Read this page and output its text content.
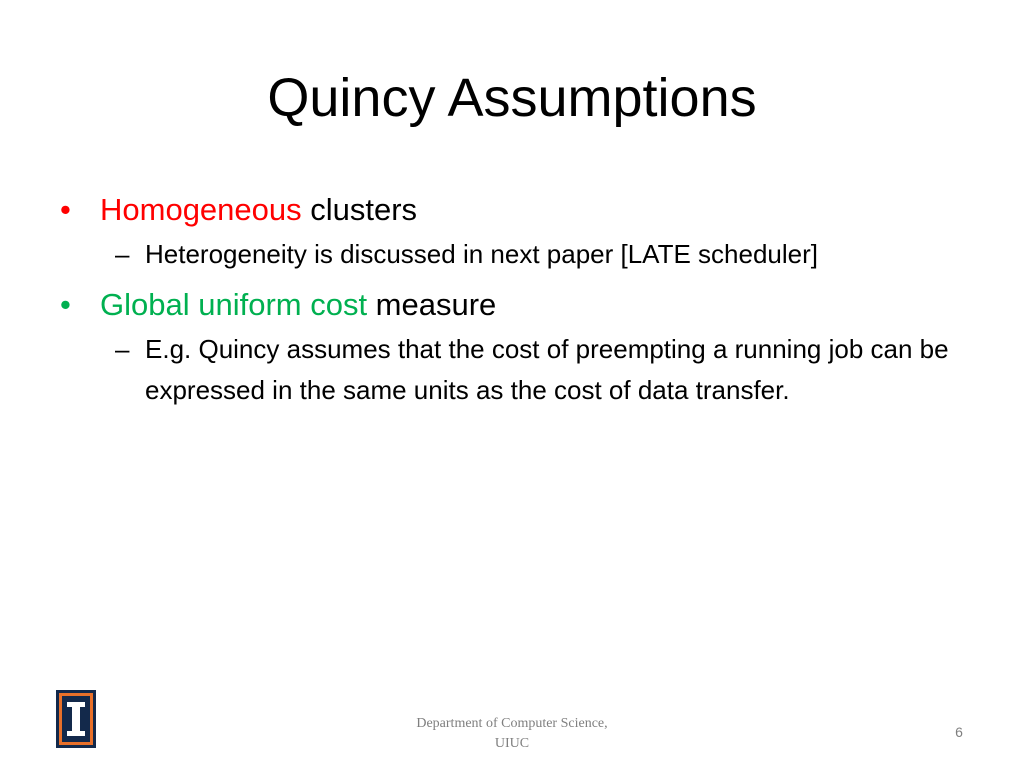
Quincy Assumptions
• Homogeneous clusters
– Heterogeneity is discussed in next paper [LATE scheduler]
• Global uniform cost measure
– E.g. Quincy assumes that the cost of preempting a running job can be expressed in the same units as the cost of data transfer.
Department of Computer Science,
UIUC
6
